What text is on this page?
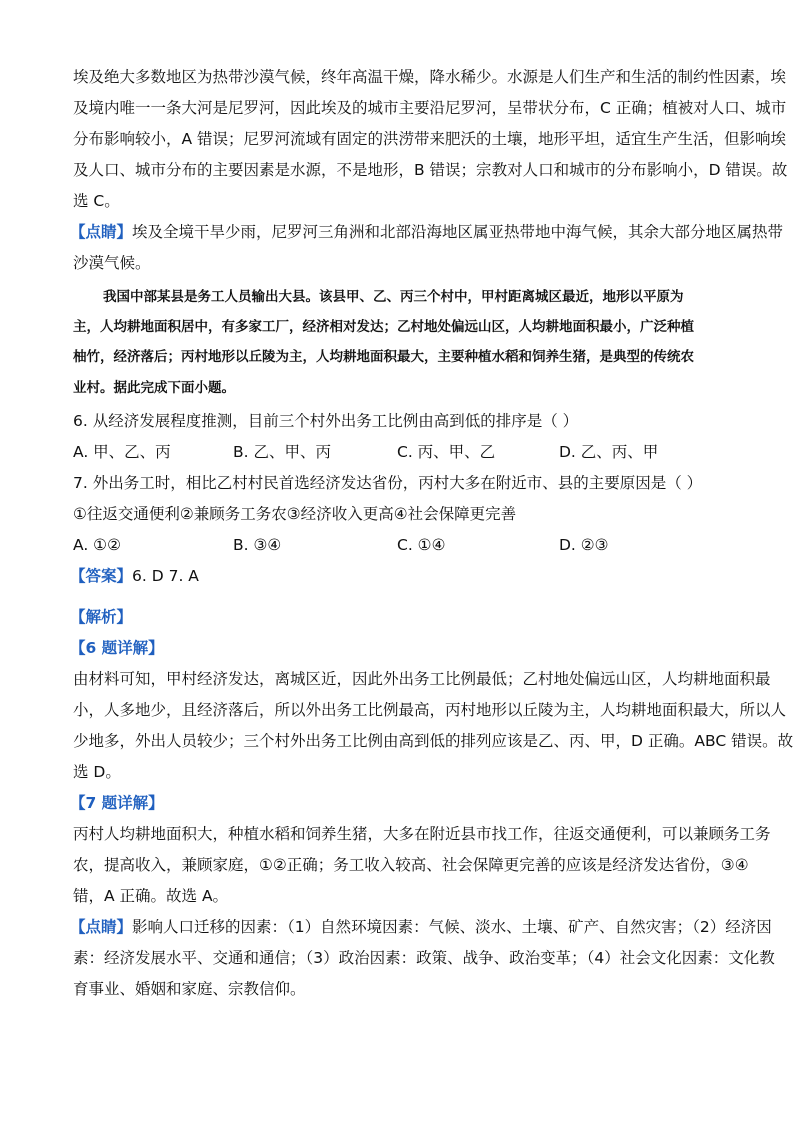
埃及绝大多数地区为热带沙漠气候，终年高温干燥，降水稀少。水源是人们生产和生活的制约性因素，埃
及境内唯一一条大河是尼罗河，因此埃及的城市主要沿尼罗河，呈带状分布，C 正确；植被对人口、城市
分布影响较小，A 错误；尼罗河流域有固定的洪涝带来肥沃的土壤，地形平坦，适宜生产生活，但影响埃
及人口、城市分布的主要因素是水源，不是地形，B 错误；宗教对人口和城市的分布影响小，D 错误。故
选 C。
【点睛】埃及全境干旱少雨，尼罗河三角洲和北部沿海地区属亚热带地中海气候，其余大部分地区属热带
沙漠气候。
我国中部某县是务工人员输出大县。该县甲、乙、丙三个村中，甲村距离城区最近，地形以平原为
主，人均耕地面积居中，有多家工厂，经济相对发达；乙村地处偏远山区，人均耕地面积最小，广泛种植
柚竹，经济落后；丙村地形以丘陵为主，人均耕地面积最大，主要种植水稻和饲养生猪，是典型的传统农
业村。据此完成下面小题。
6. 从经济发展程度推测，目前三个村外出务工比例由高到低的排序是（ ）
A. 甲、乙、丙	B. 乙、甲、丙	C. 丙、甲、乙	D. 乙、丙、甲
7. 外出务工时，相比乙村村民首选经济发达省份，丙村大多在附近市、县的主要原因是（ ）
①往返交通便利②兼顾务工务农③经济收入更高④社会保障更完善
A. ①②	B. ③④	C. ①④	D. ②③
【答案】6. D 7. A
【解析】
【6 题详解】
由材料可知，甲村经济发达，离城区近，因此外出务工比例最低；乙村地处偏远山区，人均耕地面积最
小，人多地少，且经济落后，所以外出务工比例最高，丙村地形以丘陵为主，人均耕地面积最大，所以人
少地多，外出人员较少；三个村外出务工比例由高到低的排列应该是乙、丙、甲，D 正确。ABC 错误。故
选 D。
【7 题详解】
丙村人均耕地面积大，种植水稻和饲养生猪，大多在附近县市找工作，往返交通便利，可以兼顾务工务
农，提高收入，兼顾家庭，①②正确；务工收入较高、社会保障更完善的应该是经济发达省份，③④
错，A 正确。故选 A。
【点睛】影响人口迁移的因素：（1）自然环境因素：气候、淡水、土壤、矿产、自然灾害；（2）经济因
素：经济发展水平、交通和通信；（3）政治因素：政策、战争、政治变革；（4）社会文化因素：文化教
育事业、婚姻和家庭、宗教信仰。
